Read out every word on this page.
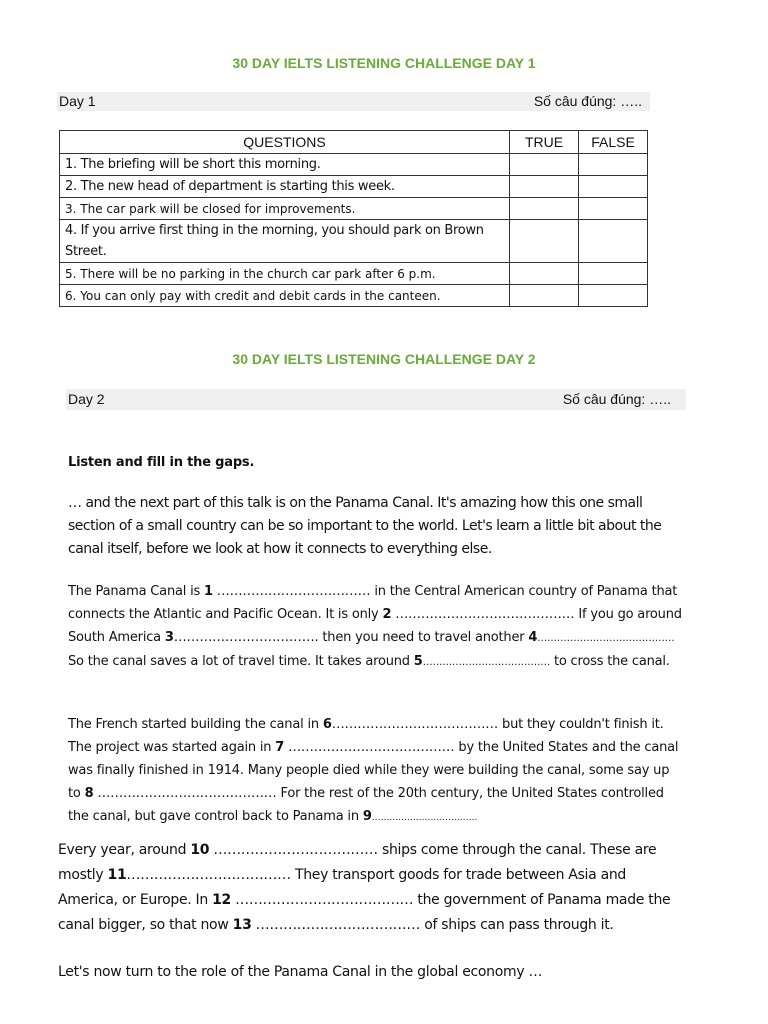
30 DAY IELTS LISTENING CHALLENGE DAY 1
Day 1	Số câu đúng: …..
QUESTIONS	TRUE	FALSE
1. The briefing will be short this morning.		
2. The new head of department is starting this week.		
3. The car park will be closed for improvements.		
4. If you arrive first thing in the morning, you should park on Brown Street.		
5. There will be no parking in the church car park after 6 p.m.		
6. You can only pay with credit and debit cards in the canteen.		
30 DAY IELTS LISTENING CHALLENGE DAY 2
Day 2	Số câu đúng: …..
Listen and fill in the gaps.
… and the next part of this talk is on the Panama Canal. It's amazing how this one small section of a small country can be so important to the world. Let's learn a little bit about the canal itself, before we look at how it connects to everything else.
The Panama Canal is 1 ……………………………… in the Central American country of Panama that connects the Atlantic and Pacific Ocean. It is only 2 …………………………………… If you go around South America 3……………………………. then you need to travel another 4…………………………………… So the canal saves a lot of travel time. It takes around 5………………………………… to cross the canal.
The French started building the canal in 6………………………………… but they couldn't finish it. The project was started again in 7 ………………………………… by the United States and the canal was finally finished in 1914. Many people died while they were building the canal, some say up to 8 …………………………………… For the rest of the 20th century, the United States controlled the canal, but gave control back to Panama in 9………………………………
Every year, around 10 ……………………………… ships come through the canal. These are mostly 11……………………………… They transport goods for trade between Asia and America, or Europe. In 12 ………………………………… the government of Panama made the canal bigger, so that now 13 ……………………………… of ships can pass through it.
Let's now turn to the role of the Panama Canal in the global economy …
